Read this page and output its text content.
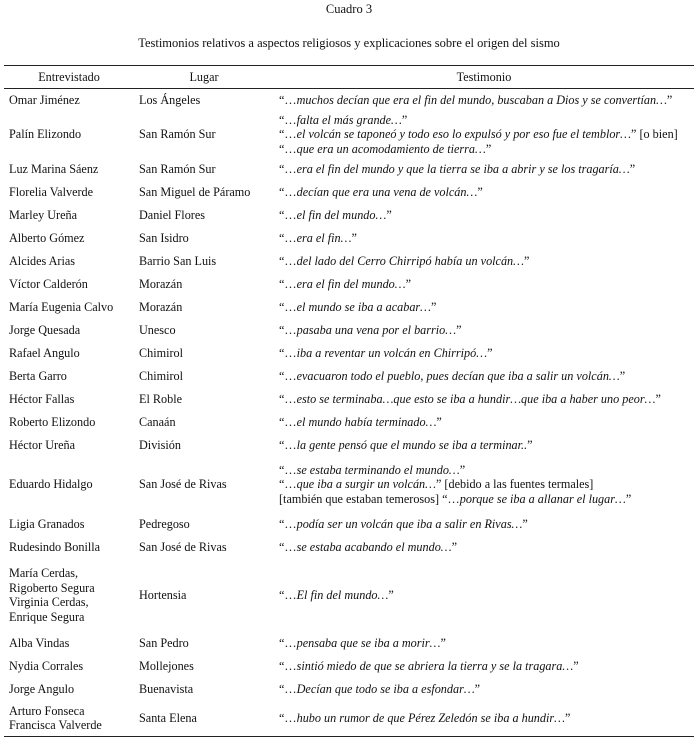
Cuadro 3
Testimonios relativos a aspectos religiosos y explicaciones sobre el origen del sismo
Entrevistado	Lugar	Testimonio

Omar Jiménez	Los Ángeles	“…muchos decían que era el fin del mundo, buscaban a Dios y se convertían…”

Palín Elizondo	San Ramón Sur	“…falta el más grande…”
“…el volcán se taponeó y todo eso lo expulsó y por eso fue el temblor…” [o bien]
“…que era un acomodamiento de tierra…”

Luz Marina Sáenz	San Ramón Sur	“…era el fin del mundo y que la tierra se iba a abrir y se los tragaría…”

Florelia Valverde	San Miguel de Páramo	“…decían que era una vena de volcán…”

Marley Ureña	Daniel Flores	“…el fin del mundo…”

Alberto Gómez	San Isidro	“…era el fin…”

Alcides Arias	Barrio San Luis	“…del lado del Cerro Chirripó había un volcán…”

Víctor Calderón	Morazán	“…era el fin del mundo…”

María Eugenia Calvo	Morazán	“…el mundo se iba a acabar…”

Jorge Quesada	Unesco	“…pasaba una vena por el barrio…”

Rafael Angulo	Chimirol	“…iba a reventar un volcán en Chirripó…”

Berta Garro	Chimirol	“…evacuaron todo el pueblo, pues decían que iba a salir un volcán…”

Héctor Fallas	El Roble	“…esto se terminaba…que esto se iba a hundir…que iba a haber uno peor…”

Roberto Elizondo	Canaán	“…el mundo había terminado…”

Héctor Ureña	División	“…la gente pensó que el mundo se iba a terminar..”

Eduardo Hidalgo	San José de Rivas	“…se estaba terminando el mundo…”
“…que iba a surgir un volcán…” [debido a las fuentes termales]
[también que estaban temerosos] “…porque se iba a allanar el lugar…”

Ligia Granados	Pedregoso	“…podía ser un volcán que iba a salir en Rivas…”

Rudesindo Bonilla	San José de Rivas	“…se estaba acabando el mundo…”

María Cerdas,
Rigoberto Segura
Virginia Cerdas,
Enrique Segura	Hortensia	“…El fin del mundo…”

Alba Vindas	San Pedro	“…pensaba que se iba a morir…”

Nydia Corrales	Mollejones	“…sintió miedo de que se abriera la tierra y se la tragara…”

Jorge Angulo	Buenavista	“…Decían que todo se iba a esfondar…”

Arturo Fonseca
Francisca Valverde	Santa Elena	“…hubo un rumor de que Pérez Zeledón se iba a hundir…”
